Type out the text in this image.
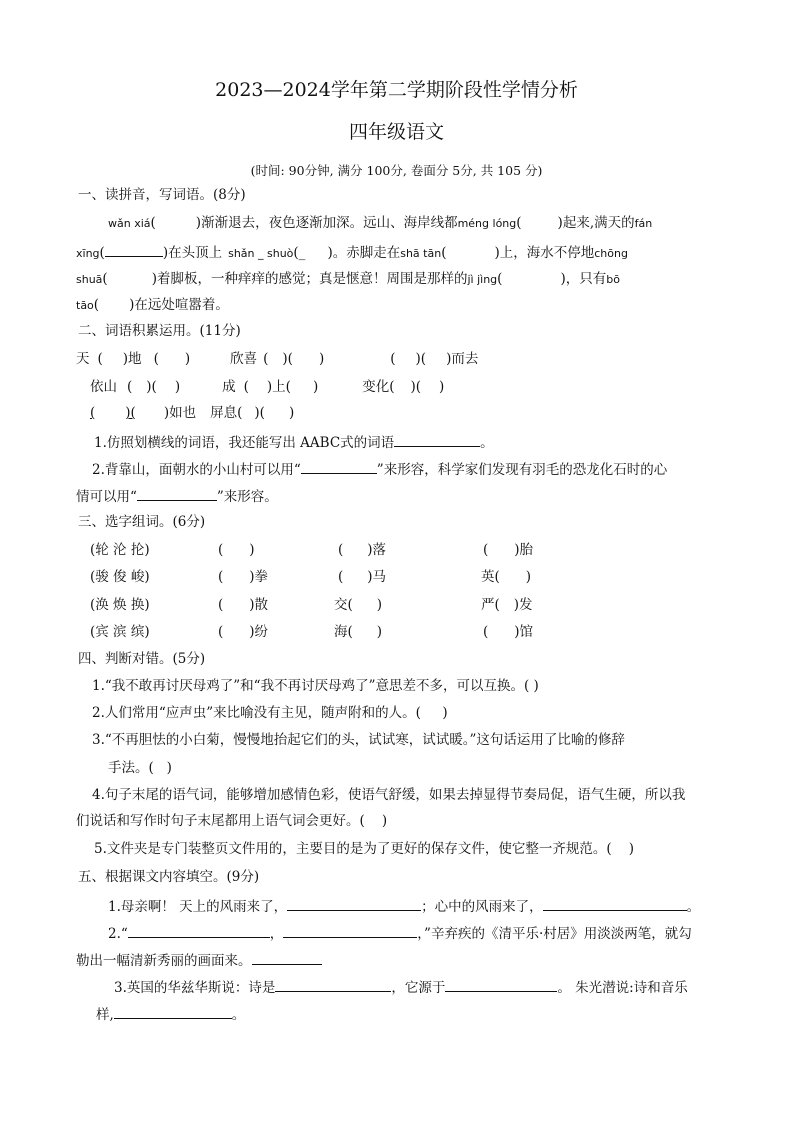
2023—2024学年第二学期阶段性学情分析
四年级语文
(时间: 90分钟, 满分 100分, 卷面分 5分, 共 105 分)
一、读拼音，写词语。(8分)
wǎn xiá(	)渐渐退去，夜色逐渐加深。远山、海岸线都méng lóng(	)起来,满天的fán
xīng(	)在头顶上 shǎn _ shuò(_ )。赤脚走在shā tān(	)上，海水不停地chōng
shuā(	)着脚板，一种痒痒的感觉；真是惬意！周围是那样的jì jìng(	)，只有bō
tāo( )在远处喧嚣着。
二、词语积累运用。(11分)
天 ( )地 ( )	欣喜 ( )( )	( )( )而去
依山 ( )( )	成 ( )上( )	变化( )( )
( )( )如也 屏息( )( )
1.仿照划横线的词语，我还能写出 AABC式的词语	。
2.背靠山，面朝水的小山村可以用“	”来形容，科学家们发现有羽毛的恐龙化石时的心
情可以用“	”来形容。
三、选字组词。(6分)
(轮 沦 抡)	( )	( )落	( )胎
(骏 俊 峻)	( )拳	( )马	英( )
(涣 焕 换)	( )散	交( )	严( )发
(宾 滨 缤)	( )纷	海( )	( )馆
四、判断对错。(5分)
1.“我不敢再讨厌母鸡了”和“我不再讨厌母鸡了”意思差不多，可以互换。( )
2.人们常用“应声虫”来比喻没有主见，随声附和的人。(     )
3.“不再胆怯的小白菊，慢慢地抬起它们的头，试试寒，试试暖。”这句话运用了比喻的修辞
手法。(   )
4.句子末尾的语气词，能够增加感情色彩，使语气舒缓，如果去掉显得节奏局促，语气生硬，所以我
们说话和写作时句子末尾都用上语气词会更好。(    )
5.文件夹是专门装整页文件用的，主要目的是为了更好的保存文件，使它整一齐规范。(    )
五、根据课文内容填空。(9分)
1.母亲啊！ 天上的风雨来了，	；心中的风雨来了，	。
2.“	，	，”辛弃疾的《清平乐·村居》用淡淡两笔，就勾
勒出一幅清新秀丽的画面来。
3.英国的华兹华斯说：诗是	，它源于	。 朱光潜说:诗和音乐
样,	。
